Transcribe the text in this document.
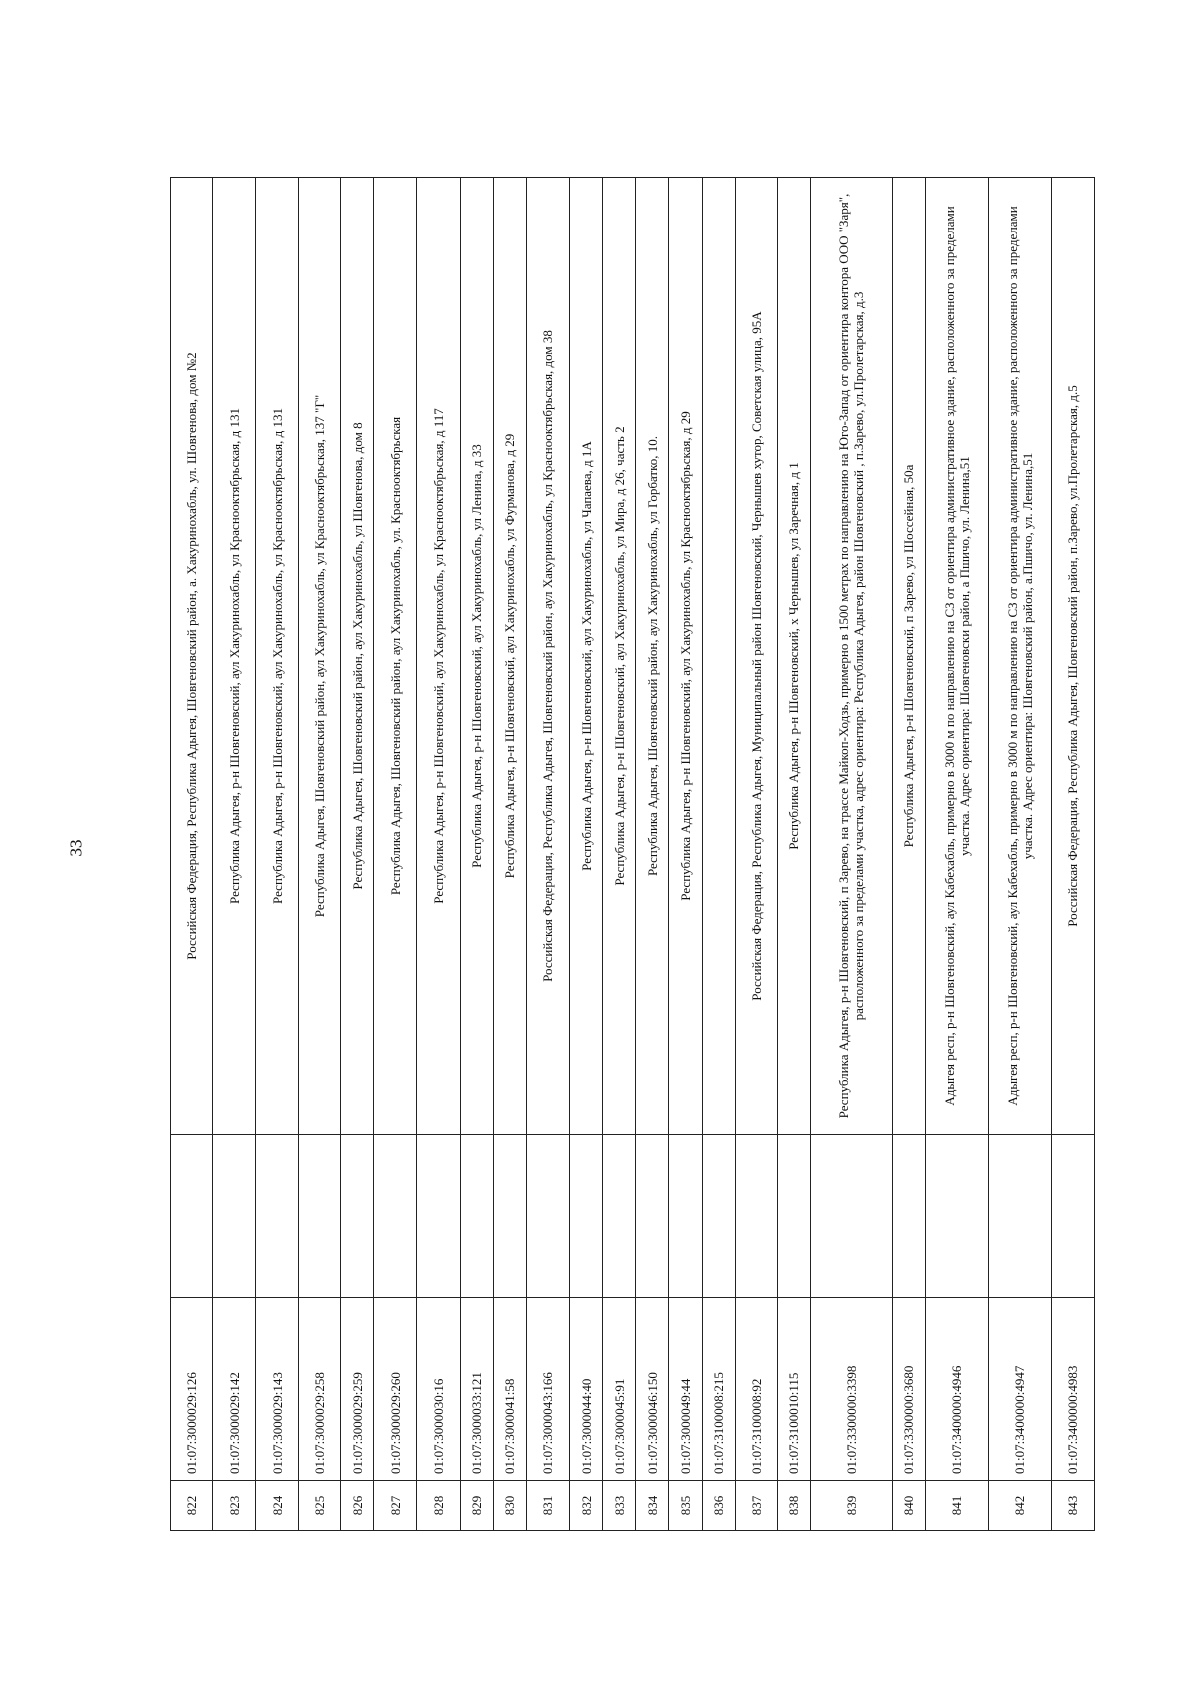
33
822	01:07:3000029:126		Российская Федерация, Республика Адыгея, Шовгеновский район, а. Хакуринохабль, ул. Шовгенова, дом №2
823	01:07:3000029:142		Республика Адыгея, р-н Шовгеновский, аул Хакуринохабль, ул Краснооктябрьская, д 131
824	01:07:3000029:143		Республика Адыгея, р-н Шовгеновский, аул Хакуринохабль, ул Краснооктябрьская, д 131
825	01:07:3000029:258		Республика Адыгея, Шовгеновский район, аул Хакуринохабль, ул Краснооктябрьская, 137 "Г"
826	01:07:3000029:259		Республика Адыгея, Шовгеновский район, аул Хакуринохабль, ул Шовгенова, дом 8
827	01:07:3000029:260		Республика Адыгея, Шовгеновский район, аул Хакуринохабль, ул. Краснооктябрьская
828	01:07:3000030:16		Республика Адыгея, р-н Шовгеновский, аул Хакуринохабль, ул Краснооктябрьская, д 117
829	01:07:3000033:121		Республика Адыгея, р-н Шовгеновский, аул Хакуринохабль, ул Ленина, д 33
830	01:07:3000041:58		Республика Адыгея, р-н Шовгеновский, аул Хакуринохабль, ул Фурманова, д 29
831	01:07:3000043:166		Российская Федерация, Республика Адыгея, Шовгеновский район, аул Хакуринохабль, ул Краснооктябрьская, дом 38
832	01:07:3000044:40		Республика Адыгея, р-н Шовгеновский, аул Хакуринохабль, ул Чапаева, д 1А
833	01:07:3000045:91		Республика Адыгея, р-н Шовгеновский, аул Хакуринохабль, ул Мира, д 26, часть 2
834	01:07:3000046:150		Республика Адыгея, Шовгеновский район, аул Хакуринохабль, ул Горбатко, 10.
835	01:07:3000049:44		Республика Адыгея, р-н Шовгеновский, аул Хакуринохабль, ул Краснооктябрьская, д 29
836	01:07:3100008:215		
837	01:07:3100008:92		Российская Федерация, Республика Адыгея, Муниципальный район Шовгеновский, Чернышев хутор, Советская улица, 95А
838	01:07:3100010:115		Республика Адыгея, р-н Шовгеновский, х Чернышев, ул Заречная, д 1
839	01:07:3300000:3398		Республика Адыгея, р-н Шовгеновский, п Зарево, на трассе Майкоп-Ходзь, примерно в 1500 метрах по направлению на Юго-Запад от ориентира контора ООО "Заря", расположенного за пределами участка, адрес ориентира: Республика Адыгея, район Шовгеновский , п.Зарево, ул.Пролетарская, д.3
840	01:07:3300000:3680		Республика Адыгея, р-н Шовгеновский, п Зарево, ул Шоссейная, 50а
841	01:07:3400000:4946		Адыгея респ, р-н Шовгеновский, аул Кабехабль, примерно в 3000 м по направлению на СЗ от ориентира административное здание, расположенного за пределами участка. Адрес ориентира: Шовгеновски район, а Пшичо, ул. Ленина,51
842	01:07:3400000:4947		Адыгея респ, р-н Шовгеновский, аул Кабехабль, примерно в 3000 м по направлению на СЗ от ориентира административное здание, расположенного за пределами участка. Адрес ориентира: Шовгеновский район, а.Пшичо, ул. Ленина,51
843	01:07:3400000:4983		Российская Федерация, Республика Адыгея, Шовгеновский район, п.Зарево, ул.Пролетарская, д.5
